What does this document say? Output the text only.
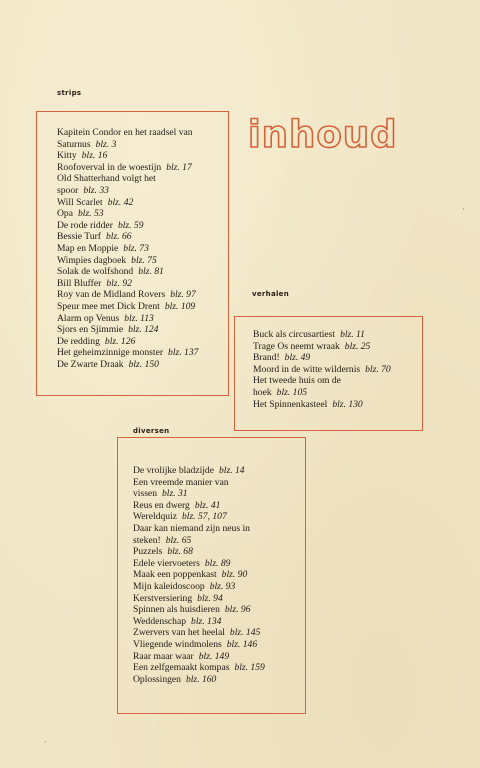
inhoud
strips
Kapitein Condor en het raadsel van
Saturnus blz. 3
Kitty blz. 16
Roofoverval in de woestijn blz. 17
Old Shatterhand volgt het
spoor blz. 33
Will Scarlet blz. 42
Opa blz. 53
De rode ridder blz. 59
Bessie Turf blz. 66
Map en Moppie blz. 73
Wimpies dagboek blz. 75
Solak de wolfshond blz. 81
Bill Bluffer blz. 92
Roy van de Midland Rovers blz. 97
Speur mee met Dick Drent blz. 109
Alarm op Venus blz. 113
Sjors en Sjimmie blz. 124
De redding blz. 126
Het geheimzinnige monster blz. 137
De Zwarte Draak blz. 150
verhalen
Buck als circusartiest blz. 11
Trage Os neemt wraak blz. 25
Brand! blz. 49
Moord in de witte wildernis blz. 70
Het tweede huis om de
hoek blz. 105
Het Spinnenkasteel blz. 130
diversen
De vrolijke bladzijde blz. 14
Een vreemde manier van
vissen blz. 31
Reus en dwerg blz. 41
Wereldquiz blz. 57, 107
Daar kan niemand zijn neus in
steken! blz. 65
Puzzels blz. 68
Edele viervoeters blz. 89
Maak een poppenkast blz. 90
Mijn kaleidoscoop blz. 93
Kerstversiering blz. 94
Spinnen als huisdieren blz. 96
Weddenschap blz. 134
Zwervers van het heelal blz. 145
Vliegende windmolens blz. 146
Raar maar waar blz. 149
Een zelfgemaakt kompas blz. 159
Oplossingen blz. 160
·
·
